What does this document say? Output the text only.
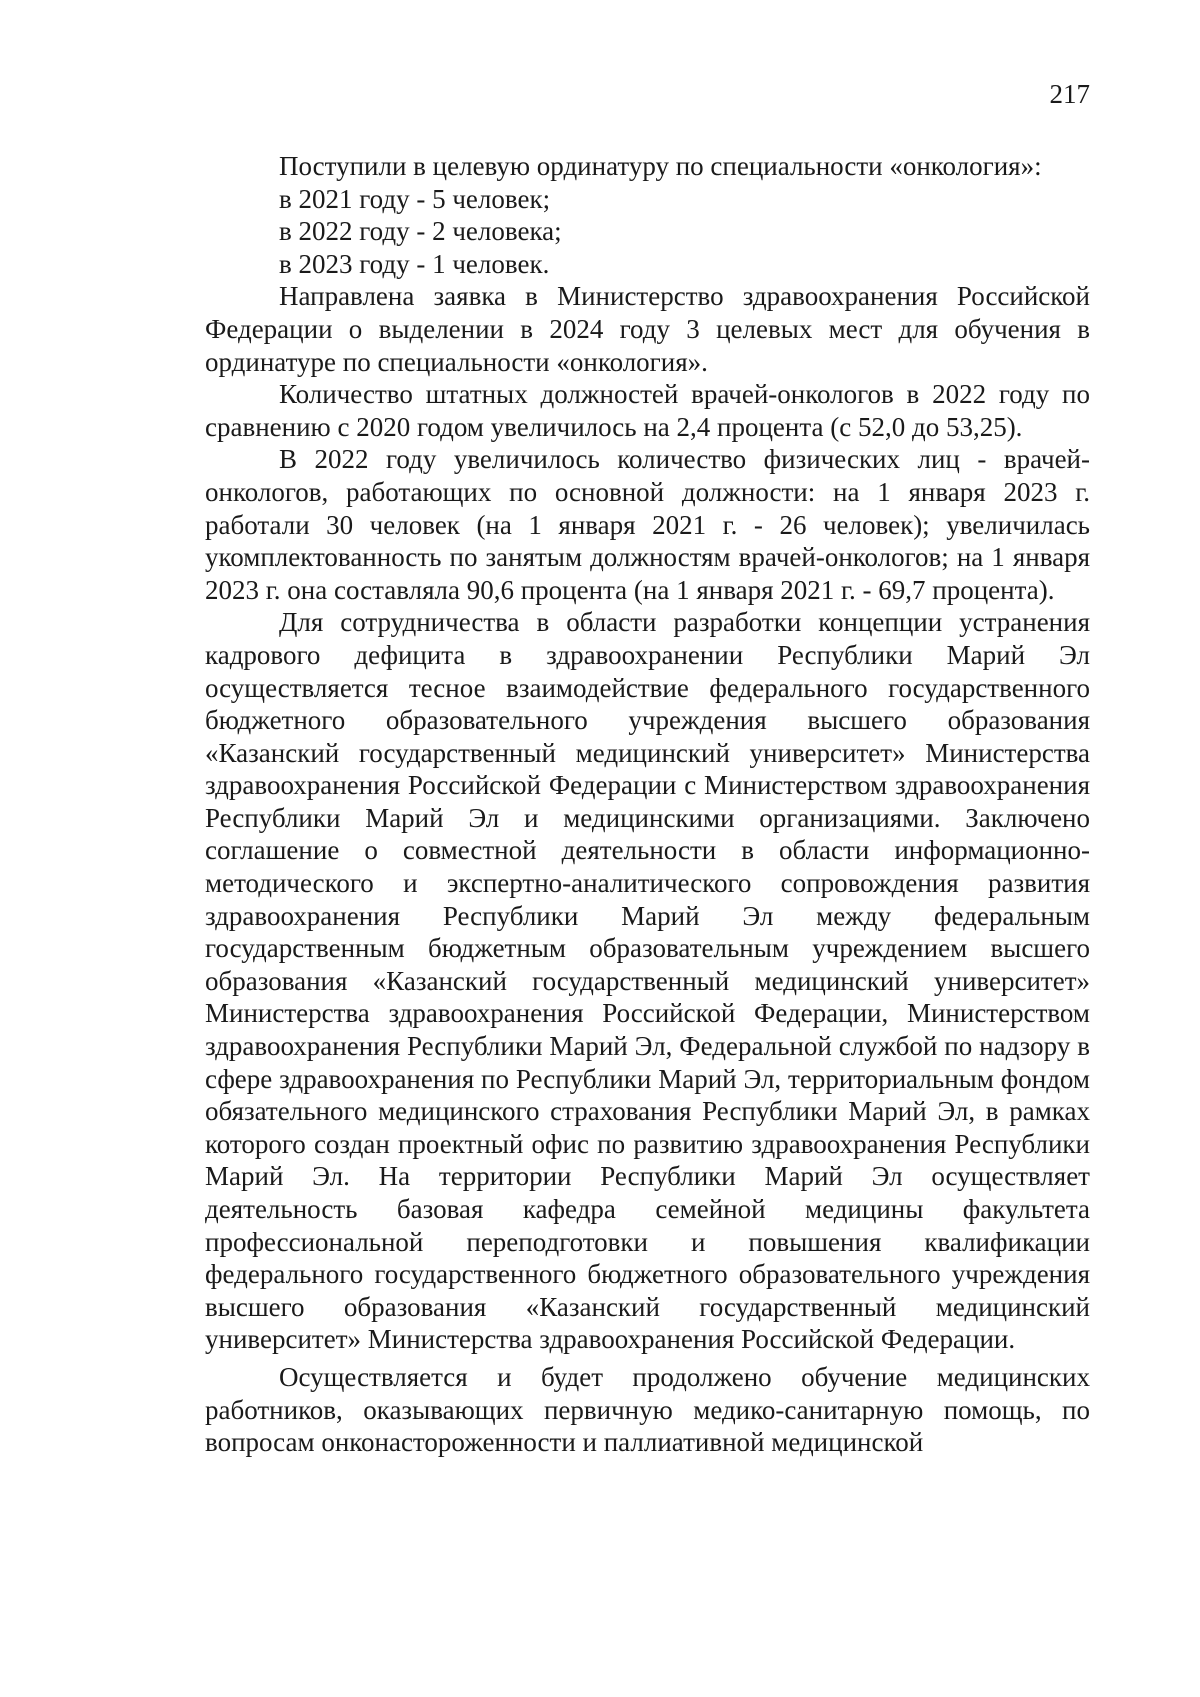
217

Поступили в целевую ординатуру по специальности «онкология»:

в 2021 году - 5 человек;

в 2022 году - 2 человека;

в 2023 году - 1 человек.

Направлена заявка в Министерство здравоохранения Российской Федерации о выделении в 2024 году 3 целевых мест для обучения в ординатуре по специальности «онкология».

Количество штатных должностей врачей-онкологов в 2022 году по сравнению с 2020 годом увеличилось на 2,4 процента (с 52,0 до 53,25).

В 2022 году увеличилось количество физических лиц - врачей-онкологов, работающих по основной должности: на 1 января 2023 г. работали 30 человек (на 1 января 2021 г. - 26 человек); увеличилась укомплектованность по занятым должностям врачей-онкологов; на 1 января 2023 г. она составляла 90,6 процента (на 1 января 2021 г. - 69,7 процента).

Для сотрудничества в области разработки концепции устранения кадрового дефицита в здравоохранении Республики Марий Эл осуществляется тесное взаимодействие федерального государственного бюджетного образовательного учреждения высшего образования «Казанский государственный медицинский университет» Министерства здравоохранения Российской Федерации с Министерством здравоохранения Республики Марий Эл и медицинскими организациями. Заключено соглашение о совместной деятельности в области информационно-методического и экспертно-аналитического сопровождения развития здравоохранения Республики Марий Эл между федеральным государственным бюджетным образовательным учреждением высшего образования «Казанский государственный медицинский университет» Министерства здравоохранения Российской Федерации, Министерством здравоохранения Республики Марий Эл, Федеральной службой по надзору в сфере здравоохранения по Республики Марий Эл, территориальным фондом обязательного медицинского страхования Республики Марий Эл, в рамках которого создан проектный офис по развитию здравоохранения Республики Марий Эл. На территории Республики Марий Эл осуществляет деятельность базовая кафедра семейной медицины факультета профессиональной переподготовки и повышения квалификации федерального государственного бюджетного образовательного учреждения высшего образования «Казанский государственный медицинский университет» Министерства здравоохранения Российской Федерации.

Осуществляется и будет продолжено обучение медицинских работников, оказывающих первичную медико-санитарную помощь, по вопросам онконастороженности и паллиативной медицинской
